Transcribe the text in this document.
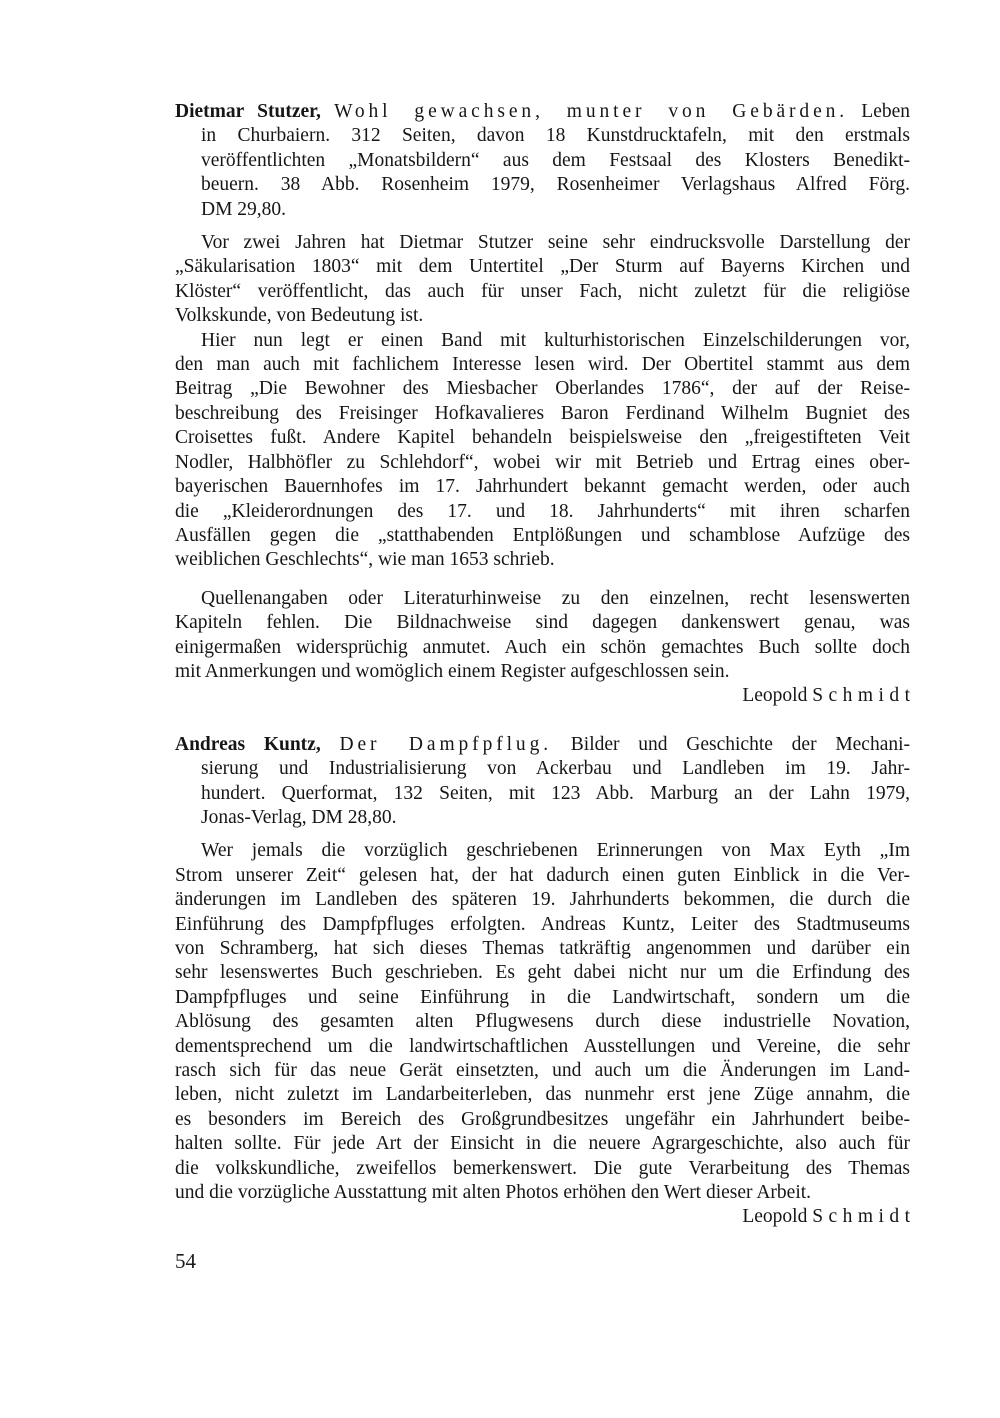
Dietmar Stutzer, Wohl gewachsen, munter von Gebärden. Leben
in Churbaiern. 312 Seiten, davon 18 Kunstdrucktafeln, mit den erstmals
veröffentlichten „Monatsbildern“ aus dem Festsaal des Klosters Benedikt-
beuern. 38 Abb. Rosenheim 1979, Rosenheimer Verlagshaus Alfred Förg.
DM 29,80.
Vor zwei Jahren hat Dietmar Stutzer seine sehr eindrucksvolle Darstellung der
„Säkularisation 1803“ mit dem Untertitel „Der Sturm auf Bayerns Kirchen und
Klöster“ veröffentlicht, das auch für unser Fach, nicht zuletzt für die religiöse
Volkskunde, von Bedeutung ist.
Hier nun legt er einen Band mit kulturhistorischen Einzelschilderungen vor,
den man auch mit fachlichem Interesse lesen wird. Der Obertitel stammt aus dem
Beitrag „Die Bewohner des Miesbacher Oberlandes 1786“, der auf der Reise-
beschreibung des Freisinger Hofkavalieres Baron Ferdinand Wilhelm Bugniet des
Croisettes fußt. Andere Kapitel behandeln beispielsweise den „freigestifteten Veit
Nodler, Halbhöfler zu Schlehdorf“, wobei wir mit Betrieb und Ertrag eines ober-
bayerischen Bauernhofes im 17. Jahrhundert bekannt gemacht werden, oder auch
die „Kleiderordnungen des 17. und 18. Jahrhunderts“ mit ihren scharfen
Ausfällen gegen die „statthabenden Entplößungen und schamblose Aufzüge des
weiblichen Geschlechts“, wie man 1653 schrieb.
Quellenangaben oder Literaturhinweise zu den einzelnen, recht lesenswerten
Kapiteln fehlen. Die Bildnachweise sind dagegen dankenswert genau, was
einigermaßen widersprüchig anmutet. Auch ein schön gemachtes Buch sollte doch
mit Anmerkungen und womöglich einem Register aufgeschlossen sein.
Leopold Schmidt
Andreas Kuntz, Der Dampfpflug. Bilder und Geschichte der Mechani-
sierung und Industrialisierung von Ackerbau und Landleben im 19. Jahr-
hundert. Querformat, 132 Seiten, mit 123 Abb. Marburg an der Lahn 1979,
Jonas-Verlag, DM 28,80.
Wer jemals die vorzüglich geschriebenen Erinnerungen von Max Eyth „Im
Strom unserer Zeit“ gelesen hat, der hat dadurch einen guten Einblick in die Ver-
änderungen im Landleben des späteren 19. Jahrhunderts bekommen, die durch die
Einführung des Dampfpfluges erfolgten. Andreas Kuntz, Leiter des Stadtmuseums
von Schramberg, hat sich dieses Themas tatkräftig angenommen und darüber ein
sehr lesenswertes Buch geschrieben. Es geht dabei nicht nur um die Erfindung des
Dampfpfluges und seine Einführung in die Landwirtschaft, sondern um die
Ablösung des gesamten alten Pflugwesens durch diese industrielle Novation,
dementsprechend um die landwirtschaftlichen Ausstellungen und Vereine, die sehr
rasch sich für das neue Gerät einsetzten, und auch um die Änderungen im Land-
leben, nicht zuletzt im Landarbeiterleben, das nunmehr erst jene Züge annahm, die
es besonders im Bereich des Großgrundbesitzes ungefähr ein Jahrhundert beibe-
halten sollte. Für jede Art der Einsicht in die neuere Agrargeschichte, also auch für
die volkskundliche, zweifellos bemerkenswert. Die gute Verarbeitung des Themas
und die vorzügliche Ausstattung mit alten Photos erhöhen den Wert dieser Arbeit.
Leopold Schmidt
54
